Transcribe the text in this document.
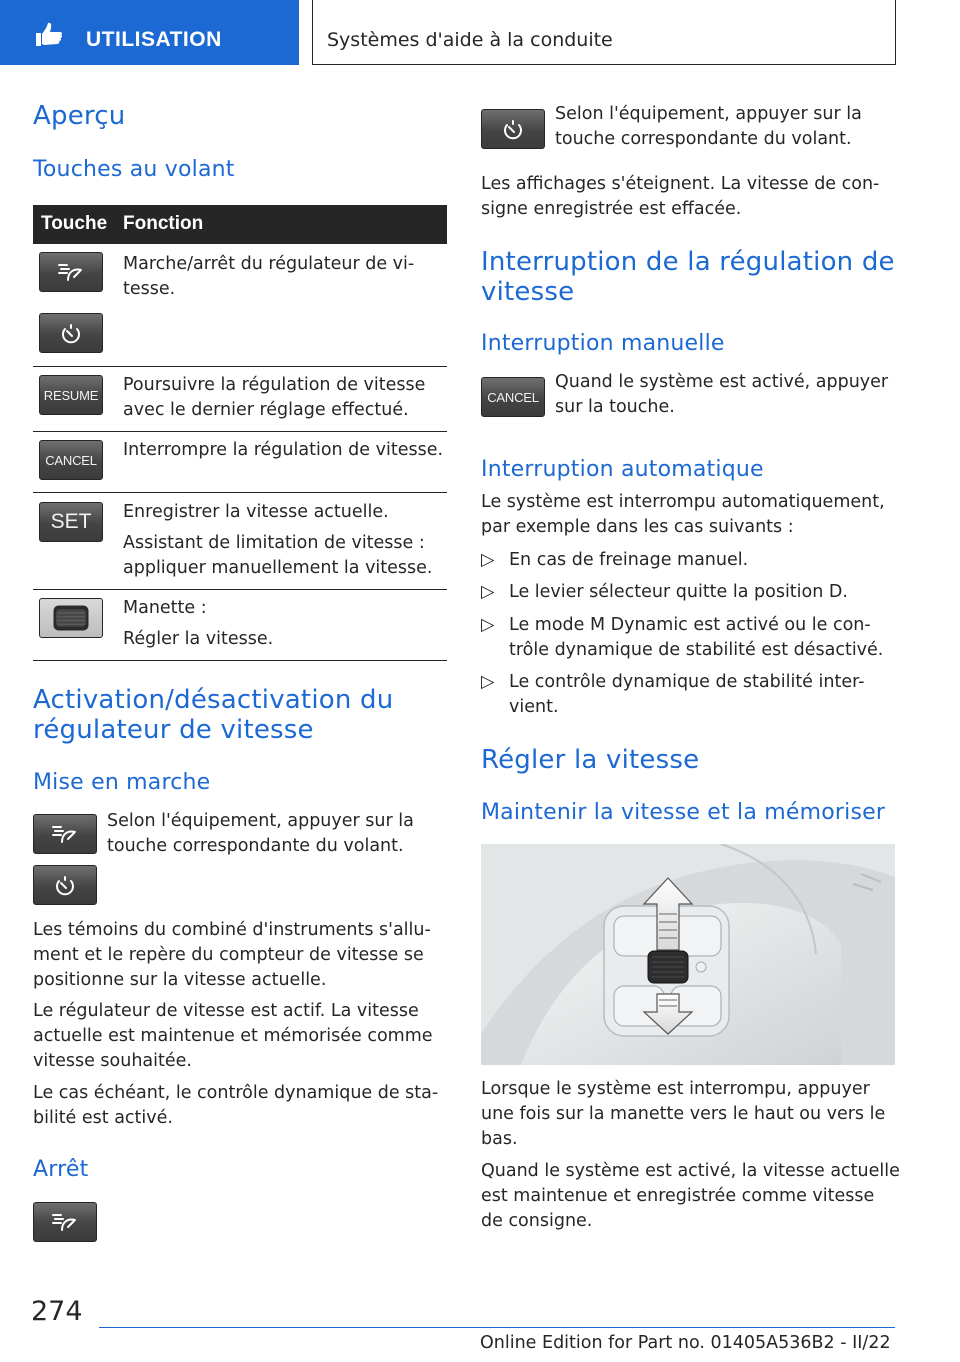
UTILISATION	Systèmes d'aide à la conduite
Aperçu
Touches au volant
Touche Fonction
Marche/arrêt du régulateur de vi-
tesse.
RESUME Poursuivre la régulation de vitesse
avec le dernier réglage effectué.
CANCEL Interrompre la régulation de vitesse.
SET Enregistrer la vitesse actuelle.
Assistant de limitation de vitesse :
appliquer manuellement la vitesse.
Manette :
Régler la vitesse.
Activation/désactivation du
régulateur de vitesse
Mise en marche
Selon l'équipement, appuyer sur la
touche correspondante du volant.
Les témoins du combiné d'instruments s'allu-
ment et le repère du compteur de vitesse se
positionne sur la vitesse actuelle.
Le régulateur de vitesse est actif. La vitesse
actuelle est maintenue et mémorisée comme
vitesse souhaitée.
Le cas échéant, le contrôle dynamique de sta-
bilité est activé.
Arrêt
Selon l'équipement, appuyer sur la
touche correspondante du volant.
Les affichages s'éteignent. La vitesse de con-
signe enregistrée est effacée.
Interruption de la régulation de
vitesse
Interruption manuelle
CANCEL
Quand le système est activé, appuyer
sur la touche.
Interruption automatique
Le système est interrompu automatiquement,
par exemple dans les cas suivants :
▷ En cas de freinage manuel.
▷ Le levier sélecteur quitte la position D.
▷ Le mode M Dynamic est activé ou le con-
trôle dynamique de stabilité est désactivé.
▷ Le contrôle dynamique de stabilité inter-
vient.
Régler la vitesse
Maintenir la vitesse et la mémoriser
Lorsque le système est interrompu, appuyer
une fois sur la manette vers le haut ou vers le
bas.
Quand le système est activé, la vitesse actuelle
est maintenue et enregistrée comme vitesse
de consigne.
274
Online Edition for Part no. 01405A536B2 - II/22
